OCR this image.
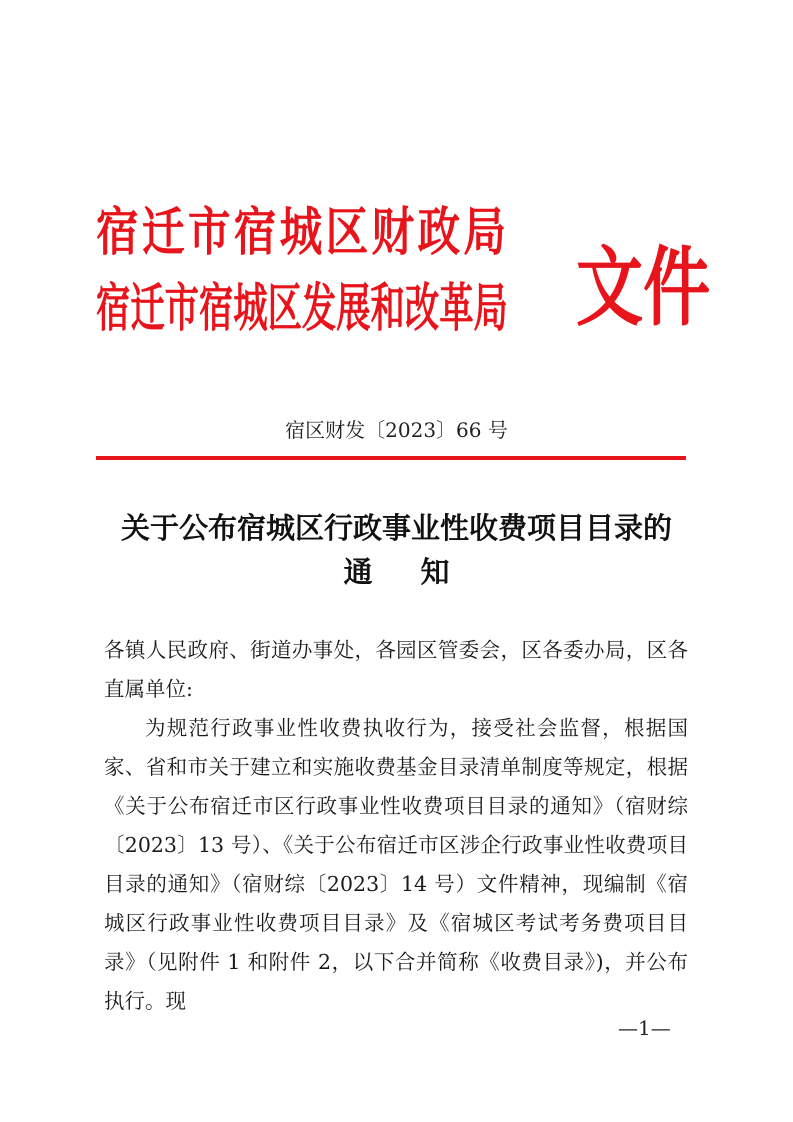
宿迁市宿城区财政局
宿迁市宿城区发展和改革局 文件
宿区财发〔2023〕66 号
关于公布宿城区行政事业性收费项目目录的
通知

各镇人民政府、街道办事处，各园区管委会，区各委办局，区各直属单位:

为规范行政事业性收费执收行为，接受社会监督，根据国家、省和市关于建立和实施收费基金目录清单制度等规定，根据《关于公布宿迁市区行政事业性收费项目目录的通知》（宿财综〔2023〕13 号）、《关于公布宿迁市区涉企行政事业性收费项目目录的通知》（宿财综〔2023〕14 号）文件精神，现编制《宿城区行政事业性收费项目目录》及《宿城区考试考务费项目目录》（见附件 1 和附件 2，以下合并简称《收费目录》)，并公布执行。现

—1—
